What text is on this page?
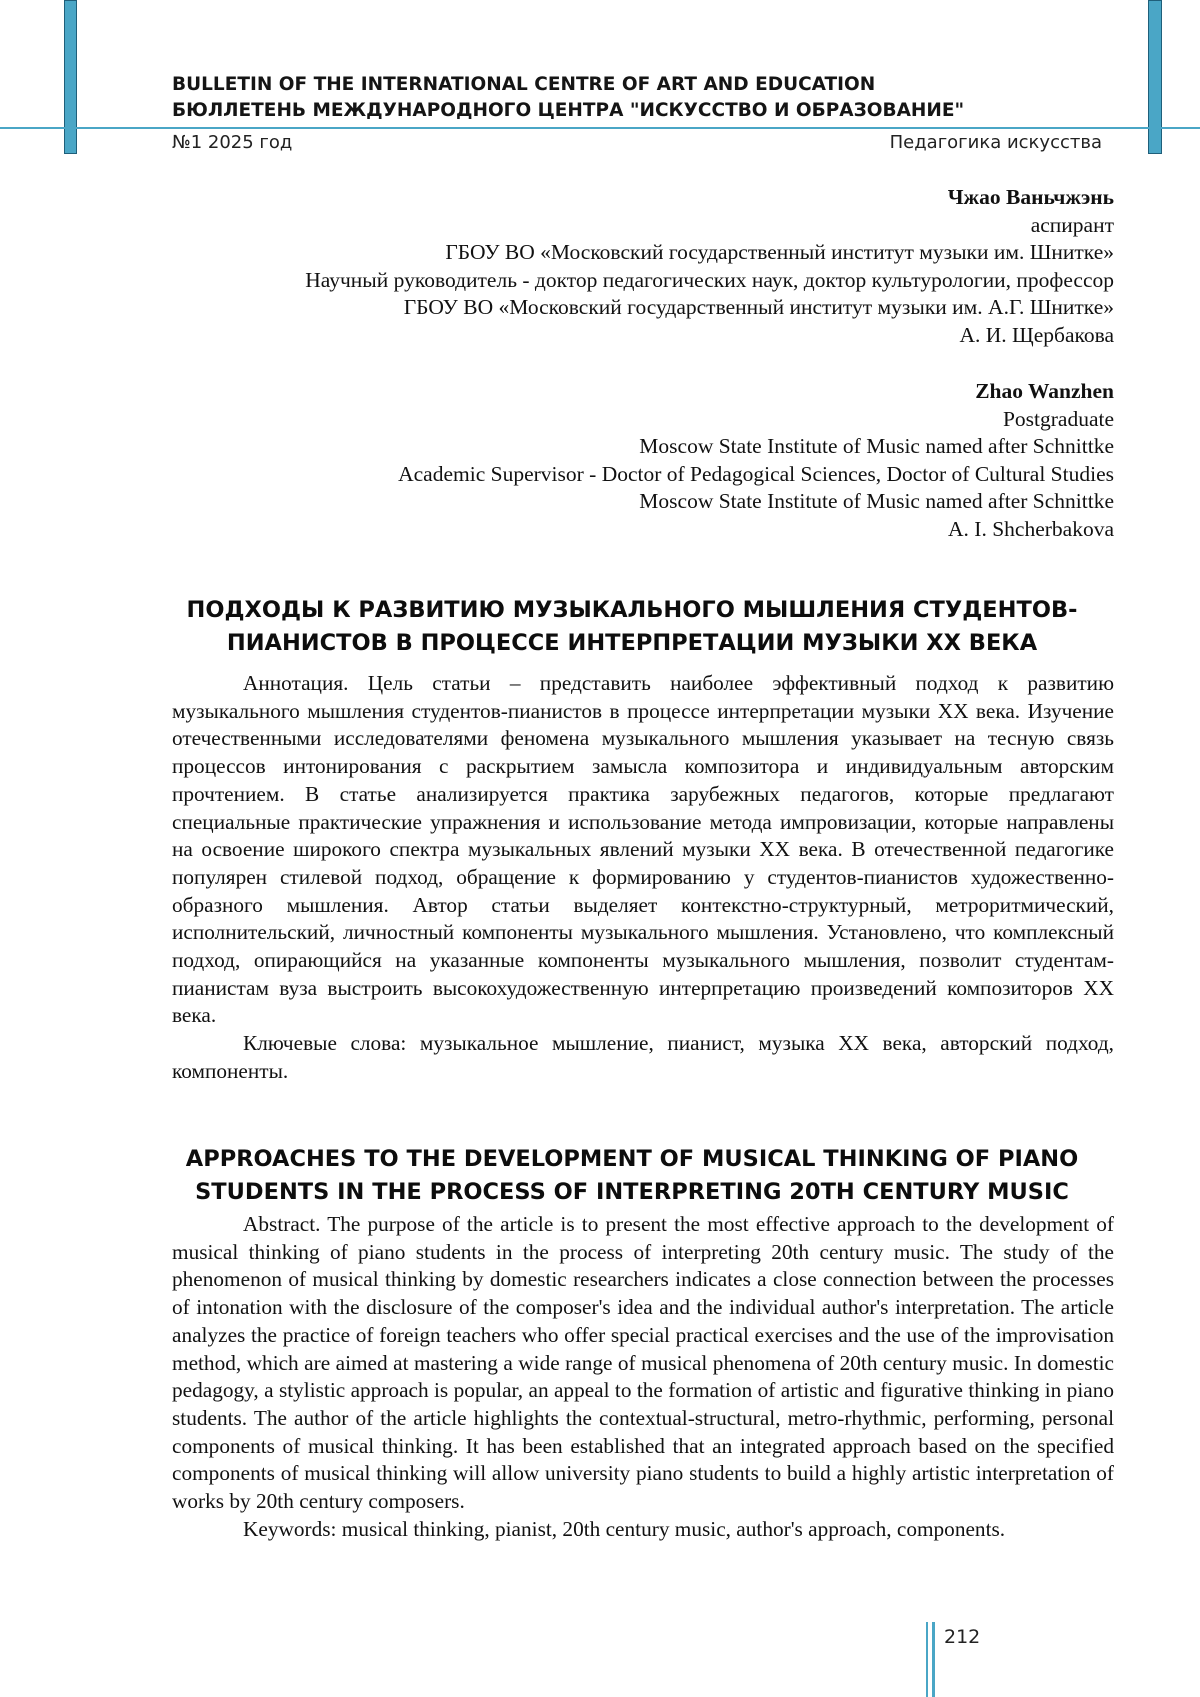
BULLETIN OF THE INTERNATIONAL CENTRE OF ART AND EDUCATION
БЮЛЛЕТЕНЬ МЕЖДУНАРОДНОГО ЦЕНТРА "ИСКУССТВО И ОБРАЗОВАНИЕ"
№1 2025 год	Педагогика искусства
Чжао Ваньчжэнь
аспирант
ГБОУ ВО «Московский государственный институт музыки им. Шнитке»
Научный руководитель - доктор педагогических наук, доктор культурологии, профессор
ГБОУ ВО «Московский государственный институт музыки им. А.Г. Шнитке»
А. И. Щербакова
Zhao Wanzhen
Postgraduate
Moscow State Institute of Music named after Schnittke
Academic Supervisor - Doctor of Pedagogical Sciences, Doctor of Cultural Studies
Moscow State Institute of Music named after Schnittke
A. I. Shcherbakova
ПОДХОДЫ К РАЗВИТИЮ МУЗЫКАЛЬНОГО МЫШЛЕНИЯ СТУДЕНТОВ-
ПИАНИСТОВ В ПРОЦЕССЕ ИНТЕРПРЕТАЦИИ МУЗЫКИ XX ВЕКА

Аннотация. Цель статьи – представить наиболее эффективный подход к развитию музыкального мышления студентов-пианистов в процессе интерпретации музыки XX века. Изучение отечественными исследователями феномена музыкального мышления указывает на тесную связь процессов интонирования с раскрытием замысла композитора и индивидуальным авторским прочтением. В статье анализируется практика зарубежных педагогов, которые предлагают специальные практические упражнения и использование метода импровизации, которые направлены на освоение широкого спектра музыкальных явлений музыки XX века. В отечественной педагогике популярен стилевой подход, обращение к формированию у студентов-пианистов художественно-образного мышления. Автор статьи выделяет контекстно-структурный, метроритмический, исполнительский, личностный компоненты музыкального мышления. Установлено, что комплексный подход, опирающийся на указанные компоненты музыкального мышления, позволит студентам-пианистам вуза выстроить высокохудожественную интерпретацию произведений композиторов XX века.

Ключевые слова: музыкальное мышление, пианист, музыка XX века, авторский подход, компоненты.

APPROACHES TO THE DEVELOPMENT OF MUSICAL THINKING OF PIANO
STUDENTS IN THE PROCESS OF INTERPRETING 20TH CENTURY MUSIC

Abstract. The purpose of the article is to present the most effective approach to the development of musical thinking of piano students in the process of interpreting 20th century music. The study of the phenomenon of musical thinking by domestic researchers indicates a close connection between the processes of intonation with the disclosure of the composer's idea and the individual author's interpretation. The article analyzes the practice of foreign teachers who offer special practical exercises and the use of the improvisation method, which are aimed at mastering a wide range of musical phenomena of 20th century music. In domestic pedagogy, a stylistic approach is popular, an appeal to the formation of artistic and figurative thinking in piano students. The author of the article highlights the contextual-structural, metro-rhythmic, performing, personal components of musical thinking. It has been established that an integrated approach based on the specified components of musical thinking will allow university piano students to build a highly artistic interpretation of works by 20th century composers.

Keywords: musical thinking, pianist, 20th century music, author's approach, components.

212
